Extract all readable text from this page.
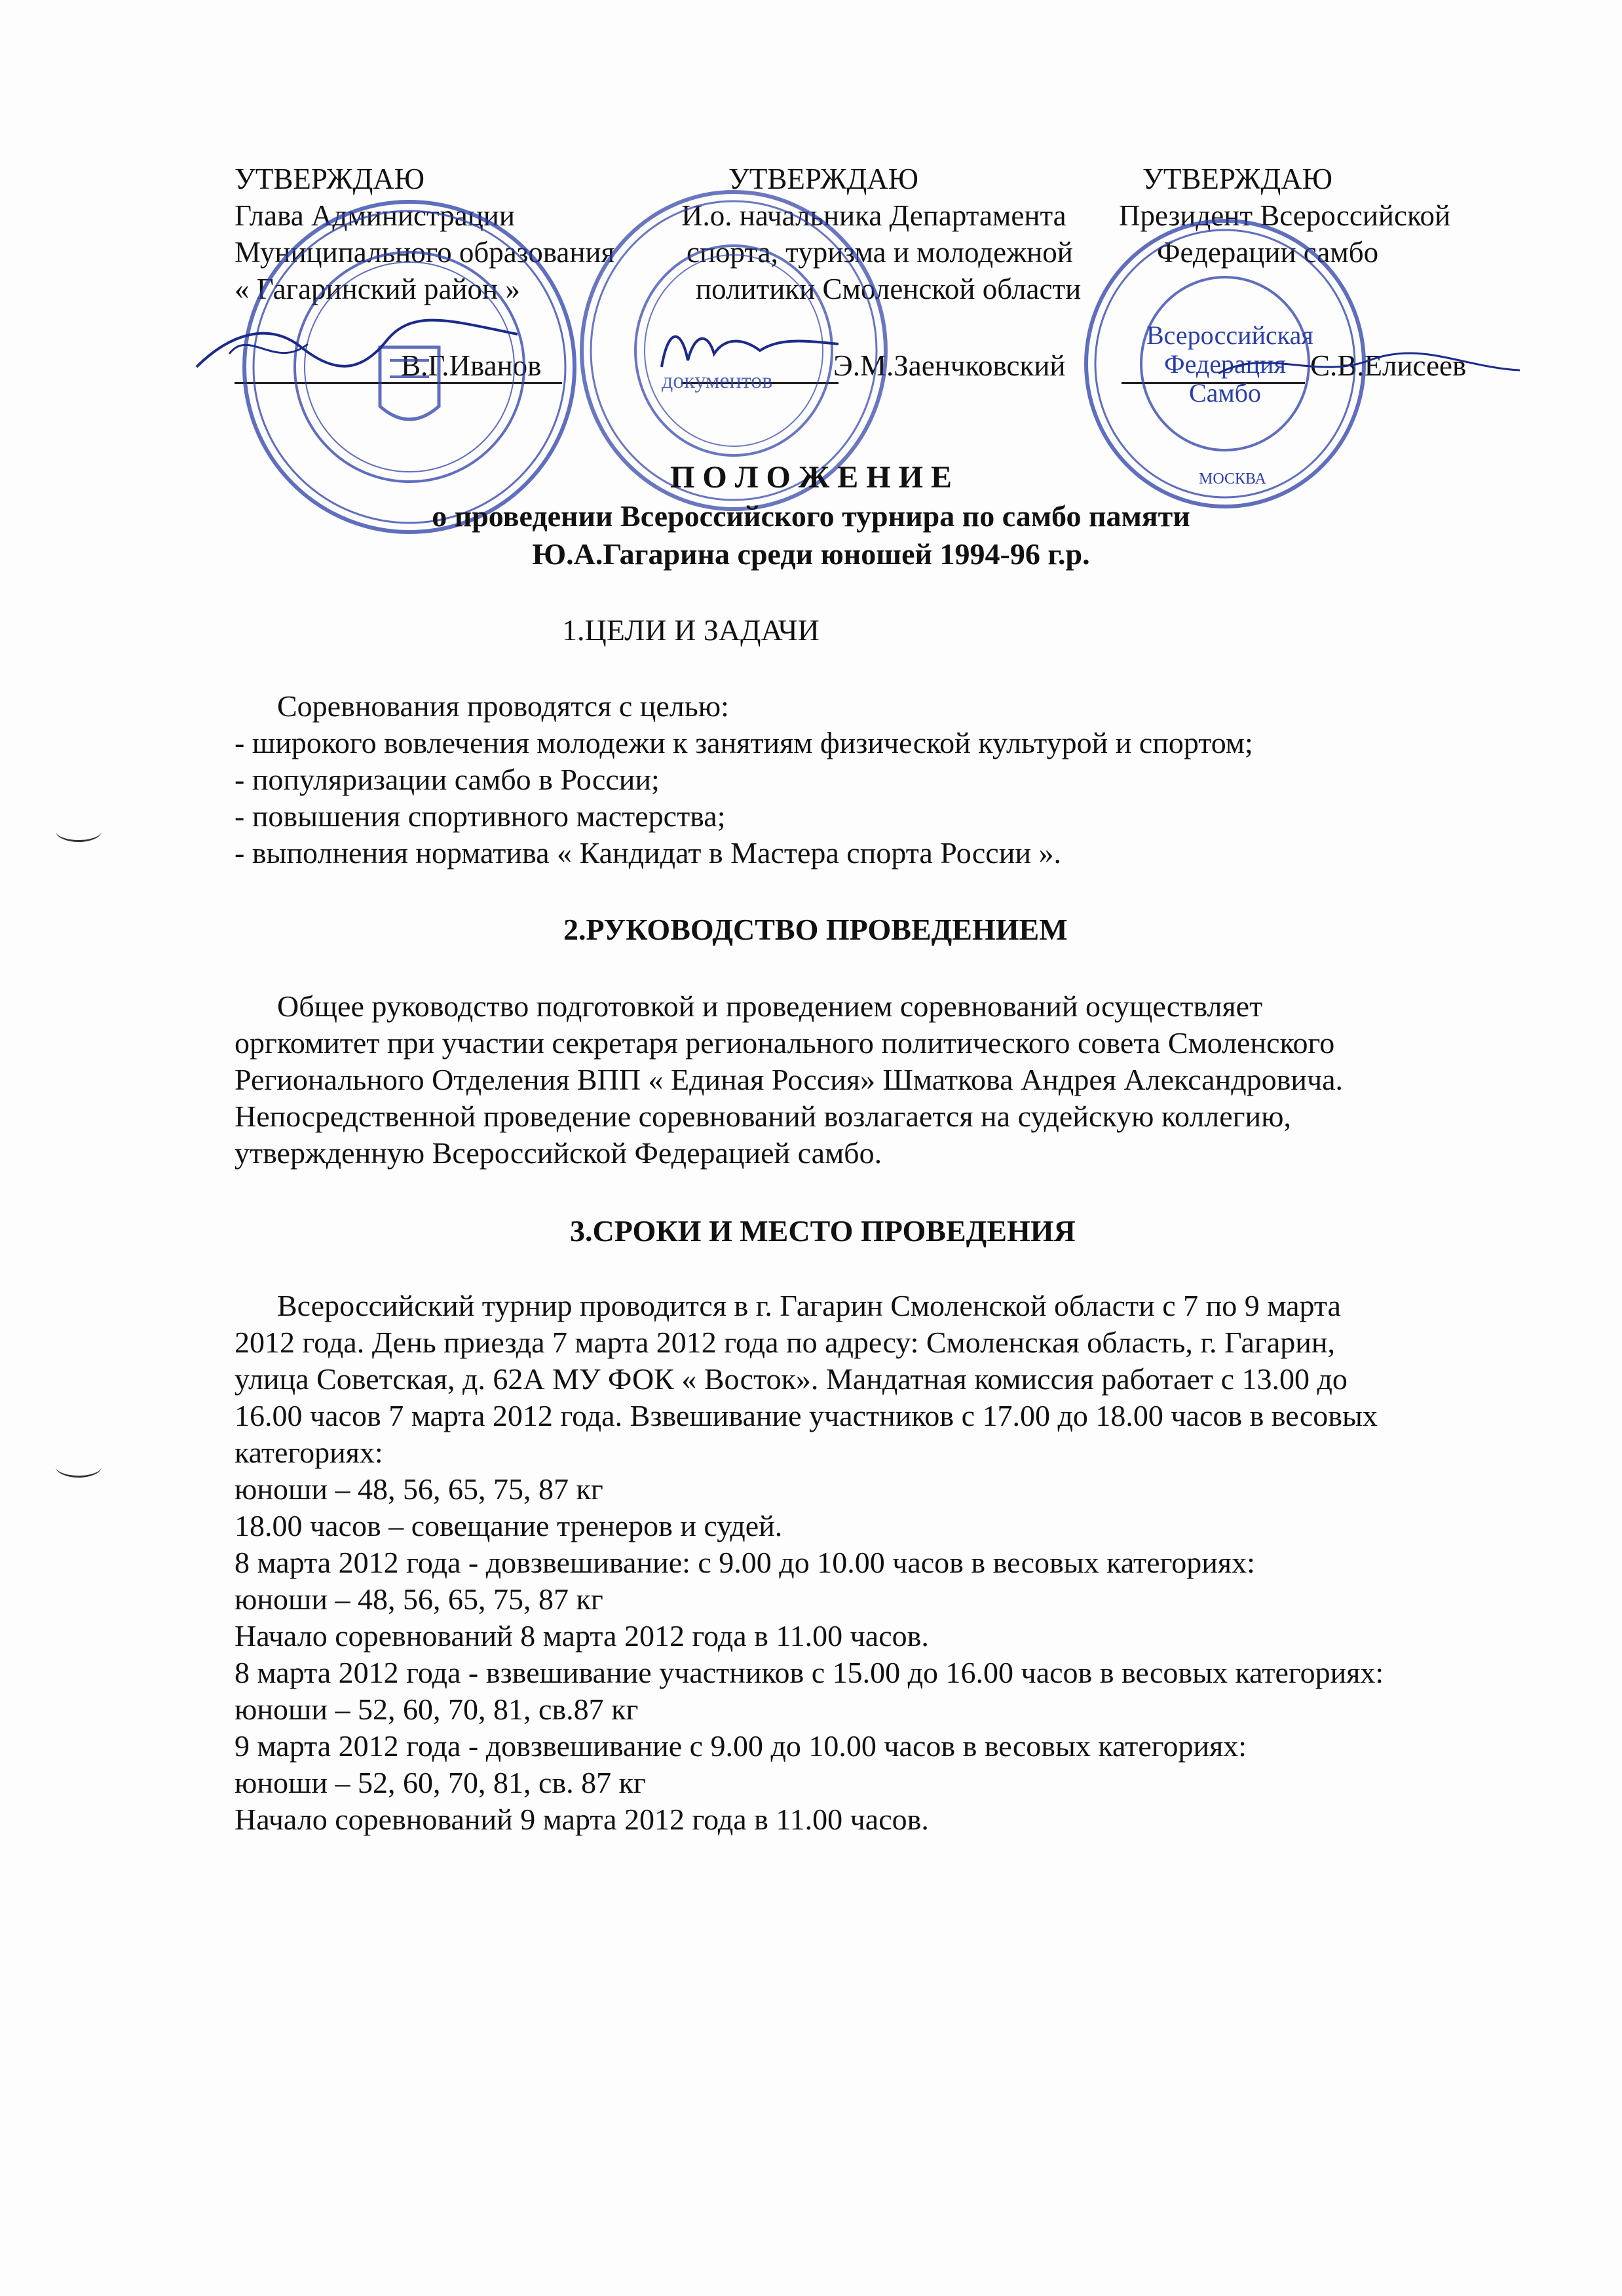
УТВЕРЖДАЮ
Глава Администрации
Муниципального образования
« Гагаринский район »
В.Г.Иванов
УТВЕРЖДАЮ
И.о. начальника Департамента
спорта, туризма и молодежной
политики Смоленской области
Э.М.Заенчковский
УТВЕРЖДАЮ
Президент Всероссийской
Федерации самбо
С.В.Елисеев
документов
Всероссийская
Федерация
Самбо
МОСКВА
П О Л О Ж Е Н И Е
о проведении Всероссийского турнира по самбо памяти
Ю.А.Гагарина среди юношей 1994-96 г.р.
1.ЦЕЛИ И ЗАДАЧИ
Соревнования проводятся с целью:
- широкого вовлечения молодежи к занятиям физической культурой и спортом;
- популяризации самбо в России;
- повышения спортивного мастерства;
- выполнения норматива « Кандидат в Мастера спорта России ».
2.РУКОВОДСТВО ПРОВЕДЕНИЕМ
Общее руководство подготовкой и проведением соревнований осуществляет
оргкомитет при участии секретаря регионального политического совета Смоленского
Регионального Отделения ВПП « Единая Россия» Шматкова Андрея Александровича.
Непосредственной проведение соревнований возлагается на судейскую коллегию,
утвержденную Всероссийской Федерацией самбо.
3.СРОКИ И МЕСТО ПРОВЕДЕНИЯ
Всероссийский турнир проводится в г. Гагарин Смоленской области с 7 по 9 марта
2012 года. День приезда 7 марта 2012 года по адресу: Смоленская область, г. Гагарин,
улица Советская, д. 62А МУ ФОК « Восток». Мандатная комиссия работает с 13.00 до
16.00 часов 7 марта 2012 года. Взвешивание участников с 17.00 до 18.00 часов в весовых
категориях:
юноши – 48, 56, 65, 75, 87 кг
18.00 часов – совещание тренеров и судей.
8 марта 2012 года - довзвешивание: с 9.00 до 10.00 часов в весовых категориях:
юноши – 48, 56, 65, 75, 87 кг
Начало соревнований 8 марта 2012 года в 11.00 часов.
8 марта 2012 года - взвешивание участников с 15.00 до 16.00 часов в весовых категориях:
юноши – 52, 60, 70, 81, св.87 кг
9 марта 2012 года - довзвешивание с 9.00 до 10.00 часов в весовых категориях:
юноши – 52, 60, 70, 81, св. 87 кг
Начало соревнований 9 марта 2012 года в 11.00 часов.
